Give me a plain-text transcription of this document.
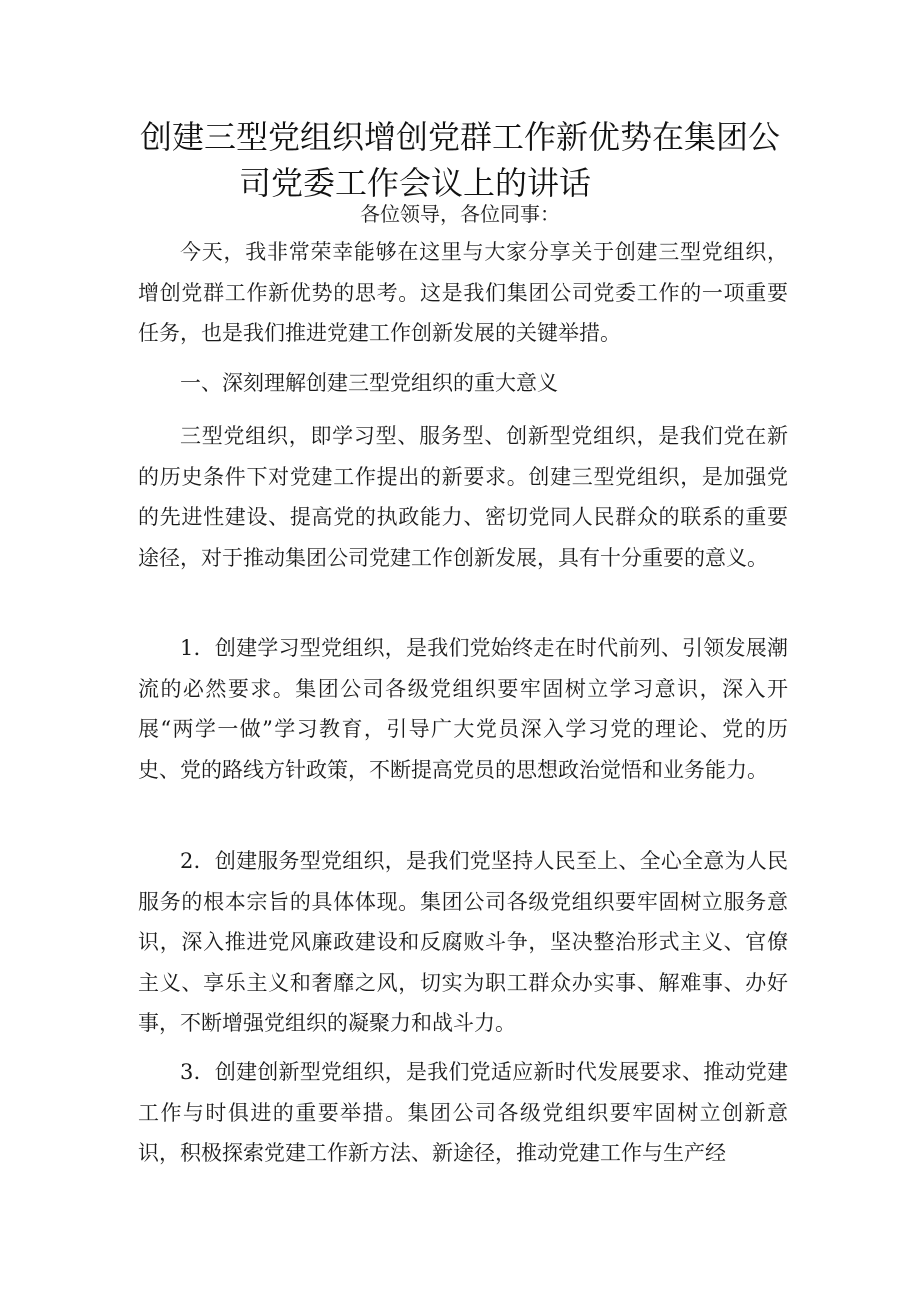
创建三型党组织增创党群工作新优势在集团公
司党委工作会议上的讲话

各位领导，各位同事：

今天，我非常荣幸能够在这里与大家分享关于创建三型党组织，增创党群工作新优势的思考。这是我们集团公司党委工作的一项重要任务，也是我们推进党建工作创新发展的关键举措。

一、深刻理解创建三型党组织的重大意义

三型党组织，即学习型、服务型、创新型党组织，是我们党在新的历史条件下对党建工作提出的新要求。创建三型党组织，是加强党的先进性建设、提高党的执政能力、密切党同人民群众的联系的重要途径，对于推动集团公司党建工作创新发展，具有十分重要的意义。

1．创建学习型党组织，是我们党始终走在时代前列、引领发展潮流的必然要求。集团公司各级党组织要牢固树立学习意识，深入开展“两学一做”学习教育，引导广大党员深入学习党的理论、党的历史、党的路线方针政策，不断提高党员的思想政治觉悟和业务能力。

2．创建服务型党组织，是我们党坚持人民至上、全心全意为人民服务的根本宗旨的具体体现。集团公司各级党组织要牢固树立服务意识，深入推进党风廉政建设和反腐败斗争，坚决整治形式主义、官僚主义、享乐主义和奢靡之风，切实为职工群众办实事、解难事、办好事，不断增强党组织的凝聚力和战斗力。

3．创建创新型党组织，是我们党适应新时代发展要求、推动党建工作与时俱进的重要举措。集团公司各级党组织要牢固树立创新意识，积极探索党建工作新方法、新途径，推动党建工作与生产经
